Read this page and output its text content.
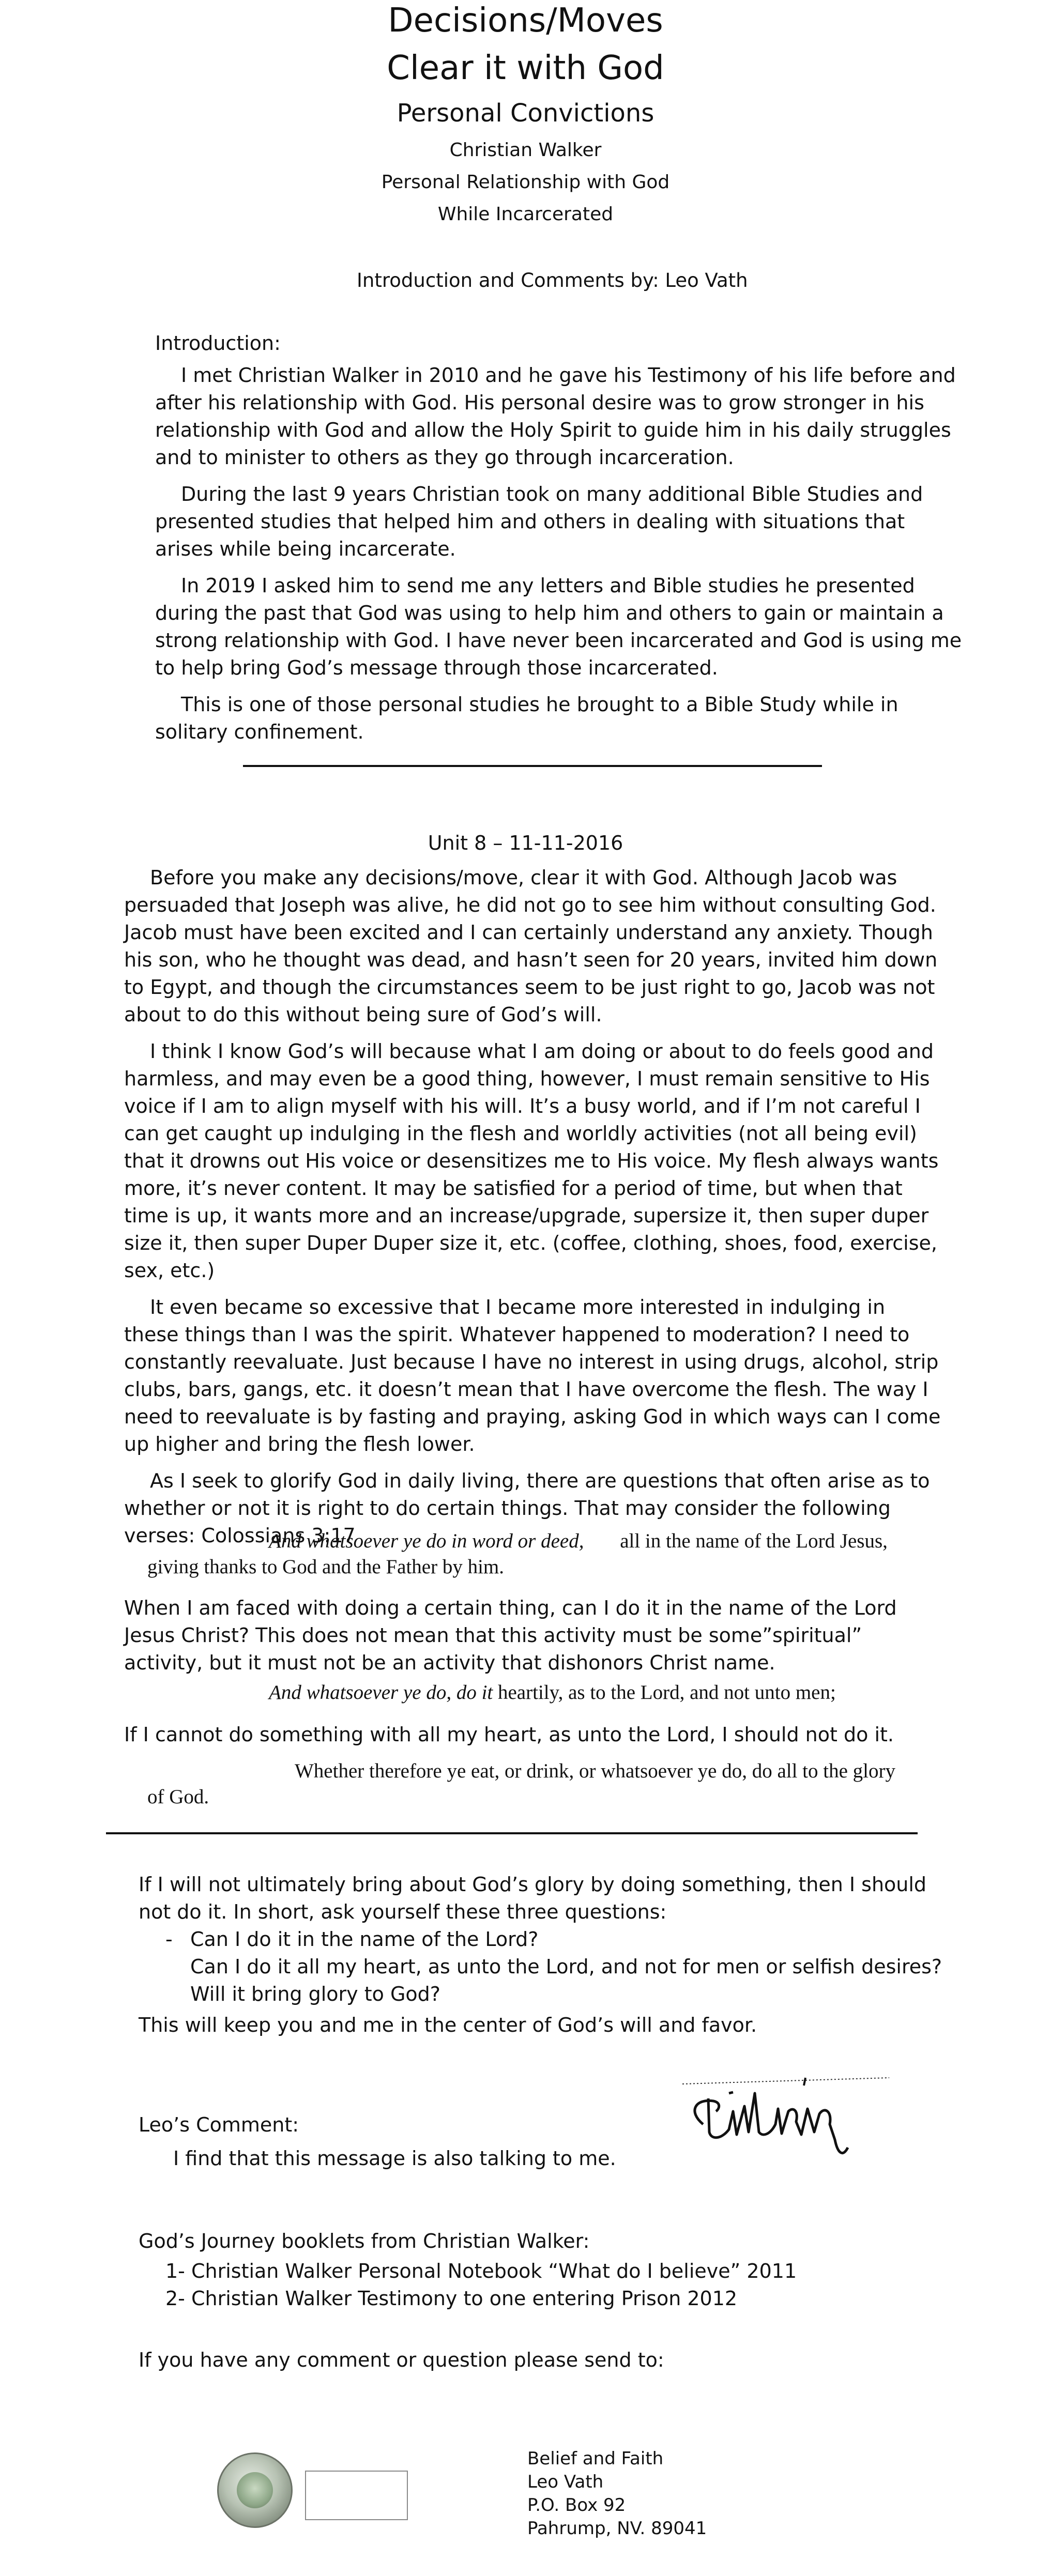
Decisions/Moves
Clear it with God
Personal Convictions
Christian Walker
Personal Relationship with God
While Incarcerated
Introduction and Comments by: Leo Vath
Introduction:

I met Christian Walker in 2010 and he gave his Testimony of his life before and after his relationship with God. His personal desire was to grow stronger in his relationship with God and allow the Holy Spirit to guide him in his daily struggles and to minister to others as they go through incarceration.

During the last 9 years Christian took on many additional Bible Studies and presented studies that helped him and others in dealing with situations that arises while being incarcerate.

In 2019 I asked him to send me any letters and Bible studies he presented during the past that God was using to help him and others to gain or maintain a strong relationship with God. I have never been incarcerated and God is using me to help bring God’s message through those incarcerated.

This is one of those personal studies he brought to a Bible Study while in solitary confinement.

Unit 8 – 11-11-2016

Before you make any decisions/move, clear it with God. Although Jacob was persuaded that Joseph was alive, he did not go to see him without consulting God. Jacob must have been excited and I can certainly understand any anxiety. Though his son, who he thought was dead, and hasn’t seen for 20 years, invited him down to Egypt, and though the circumstances seem to be just right to go, Jacob was not about to do this without being sure of God’s will.

I think I know God’s will because what I am doing or about to do feels good and harmless, and may even be a good thing, however, I must remain sensitive to His voice if I am to align myself with his will. It’s a busy world, and if I’m not careful I can get caught up indulging in the flesh and worldly activities (not all being evil) that it drowns out His voice or desensitizes me to His voice. My flesh always wants more, it’s never content. It may be satisfied for a period of time, but when that time is up, it wants more and an increase/upgrade, supersize it, then super duper size it, then super Duper Duper size it, etc. (coffee, clothing, shoes, food, exercise, sex, etc.)

It even became so excessive that I became more interested in indulging in these things than I was the spirit. Whatever happened to moderation? I need to constantly reevaluate. Just because I have no interest in using drugs, alcohol, strip clubs, bars, gangs, etc. it doesn’t mean that I have overcome the flesh. The way I need to reevaluate is by fasting and praying, asking God in which ways can I come up higher and bring the flesh lower.

As I seek to glorify God in daily living, there are questions that often arise as to whether or not it is right to do certain things. That may consider the following verses: Colossians 3:17

And whatsoever ye do in word or deed, all in the name of the Lord Jesus,
giving thanks to God and the Father by him.
When I am faced with doing a certain thing, can I do it in the name of the Lord Jesus Christ? This does not mean that this activity must be some”spiritual” activity, but it must not be an activity that dishonors Christ name.
And whatsoever ye do, do it heartily, as to the Lord, and not unto men;
If I cannot do something with all my heart, as unto the Lord, I should not do it.
Whether therefore ye eat, or drink, or whatsoever ye do, do all to the glory
of God.
If I will not ultimately bring about God’s glory by doing something, then I should not do it. In short, ask yourself these three questions:
- Can I do it in the name of the Lord?
Can I do it all my heart, as unto the Lord, and not for men or selfish desires?
Will it bring glory to God?
This will keep you and me in the center of God’s will and favor.
Leo’s Comment:
I find that this message is also talking to me.
God’s Journey booklets from Christian Walker:
1- Christian Walker Personal Notebook “What do I believe” 2011
2- Christian Walker Testimony to one entering Prison 2012
If you have any comment or question please send to:
Belief and Faith
Leo Vath
P.O. Box 92
Pahrump, NV. 89041
